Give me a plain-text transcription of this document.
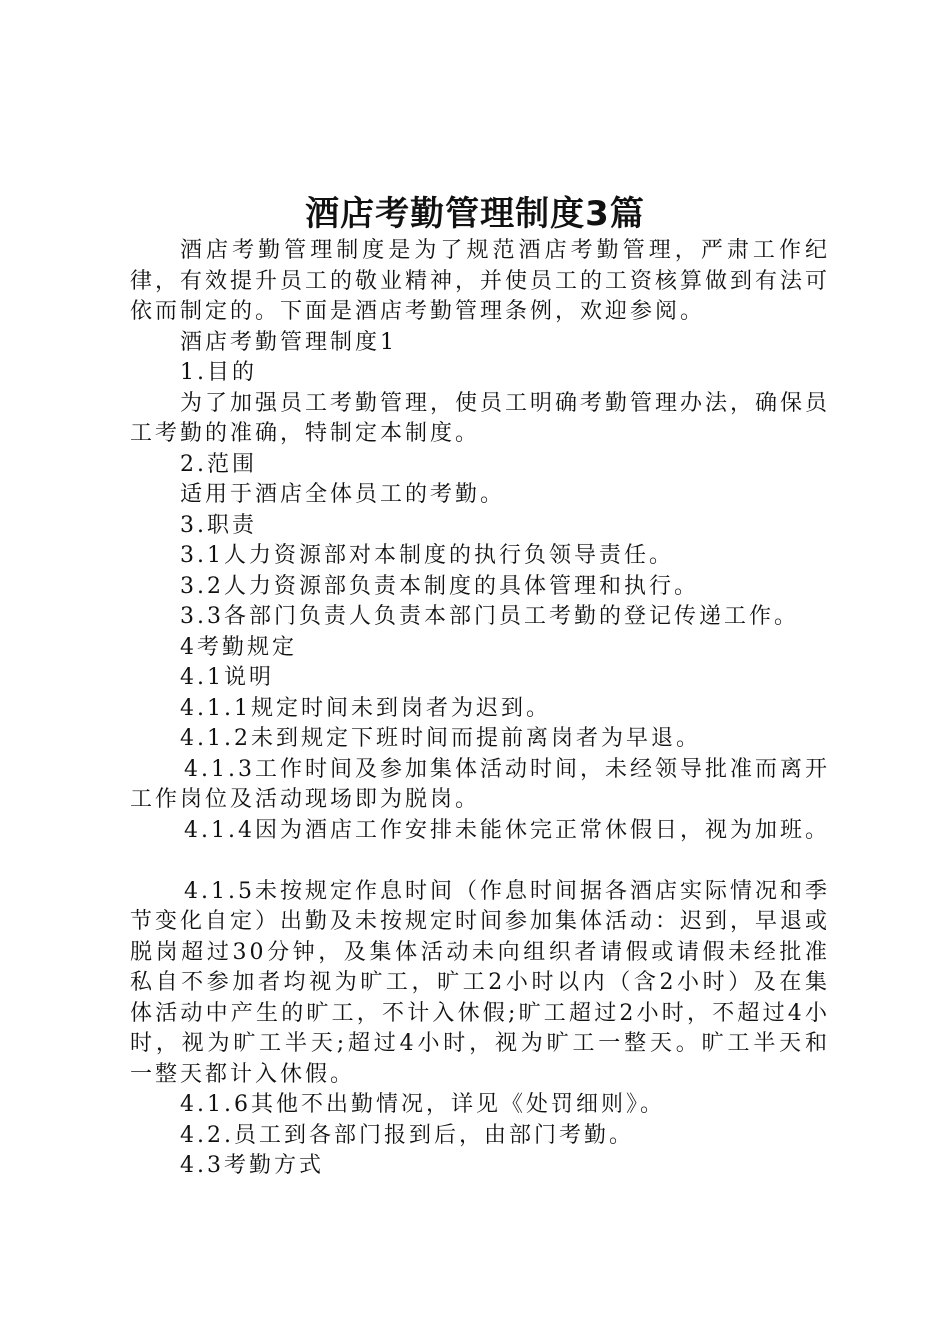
酒店考勤管理制度3篇

酒店考勤管理制度是为了规范酒店考勤管理，严肃工作纪律，有效提升员工的敬业精神，并使员工的工资核算做到有法可依而制定的。下面是酒店考勤管理条例，欢迎参阅。

酒店考勤管理制度1

1.目的

为了加强员工考勤管理，使员工明确考勤管理办法，确保员工考勤的准确，特制定本制度。

2.范围

适用于酒店全体员工的考勤。

3.职责

3.1人力资源部对本制度的执行负领导责任。

3.2人力资源部负责本制度的具体管理和执行。

3.3各部门负责人负责本部门员工考勤的登记传递工作。

4考勤规定

4.1说明

4.1.1规定时间未到岗者为迟到。

4.1.2未到规定下班时间而提前离岗者为早退。

4.1.3工作时间及参加集体活动时间，未经领导批准而离开工作岗位及活动现场即为脱岗。

4.1.4因为酒店工作安排未能休完正常休假日，视为加班。

4.1.5未按规定作息时间（作息时间据各酒店实际情况和季节变化自定）出勤及未按规定时间参加集体活动：迟到，早退或脱岗超过30分钟，及集体活动未向组织者请假或请假未经批准私自不参加者均视为旷工，旷工2小时以内（含2小时）及在集体活动中产生的旷工，不计入休假;旷工超过2小时，不超过4小时，视为旷工半天;超过4小时，视为旷工一整天。旷工半天和一整天都计入休假。

4.1.6其他不出勤情况，详见《处罚细则》。

4.2.员工到各部门报到后，由部门考勤。

4.3考勤方式
